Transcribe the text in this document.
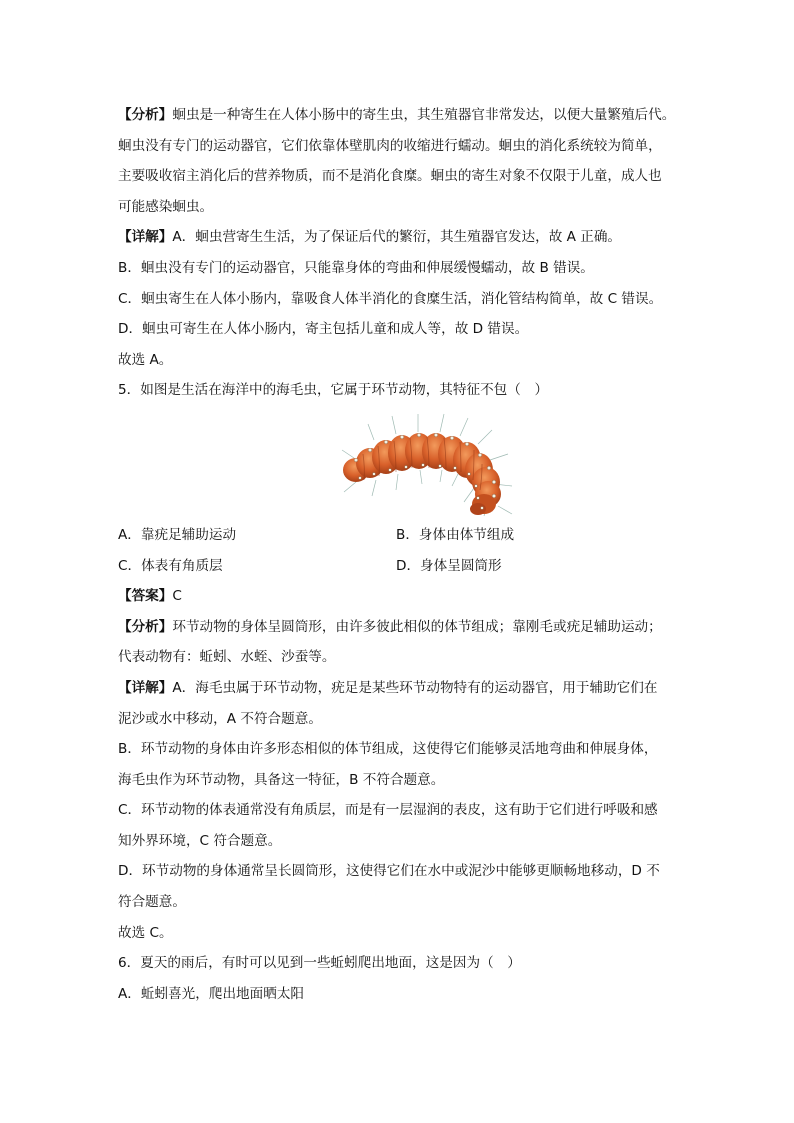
【分析】蛔虫是一种寄生在人体小肠中的寄生虫，其生殖器官非常发达，以便大量繁殖后代。
蛔虫没有专门的运动器官，它们依靠体壁肌肉的收缩进行蠕动。蛔虫的消化系统较为简单，
主要吸收宿主消化后的营养物质，而不是消化食糜。蛔虫的寄生对象不仅限于儿童，成人也
可能感染蛔虫。
【详解】A．蛔虫营寄生生活，为了保证后代的繁衍，其生殖器官发达，故 A 正确。
B．蛔虫没有专门的运动器官，只能靠身体的弯曲和伸展缓慢蠕动，故 B 错误。
C．蛔虫寄生在人体小肠内，靠吸食人体半消化的食糜生活，消化管结构简单，故 C 错误。
D．蛔虫可寄生在人体小肠内，寄主包括儿童和成人等，故 D 错误。
故选 A。
5．如图是生活在海洋中的海毛虫，它属于环节动物，其特征不包（　）
A．靠疣足辅助运动	B．身体由体节组成
C．体表有角质层	D．身体呈圆筒形
【答案】C
【分析】环节动物的身体呈圆筒形，由许多彼此相似的体节组成；靠刚毛或疣足辅助运动；
代表动物有：蚯蚓、水蛭、沙蚕等。
【详解】A．海毛虫属于环节动物，疣足是某些环节动物特有的运动器官，用于辅助它们在
泥沙或水中移动，A 不符合题意。
B．环节动物的身体由许多形态相似的体节组成，这使得它们能够灵活地弯曲和伸展身体，
海毛虫作为环节动物，具备这一特征，B 不符合题意。
C．环节动物的体表通常没有角质层，而是有一层湿润的表皮，这有助于它们进行呼吸和感
知外界环境，C 符合题意。
D．环节动物的身体通常呈长圆筒形，这使得它们在水中或泥沙中能够更顺畅地移动，D 不
符合题意。
故选 C。
6．夏天的雨后，有时可以见到一些蚯蚓爬出地面，这是因为（　）
A．蚯蚓喜光，爬出地面晒太阳
